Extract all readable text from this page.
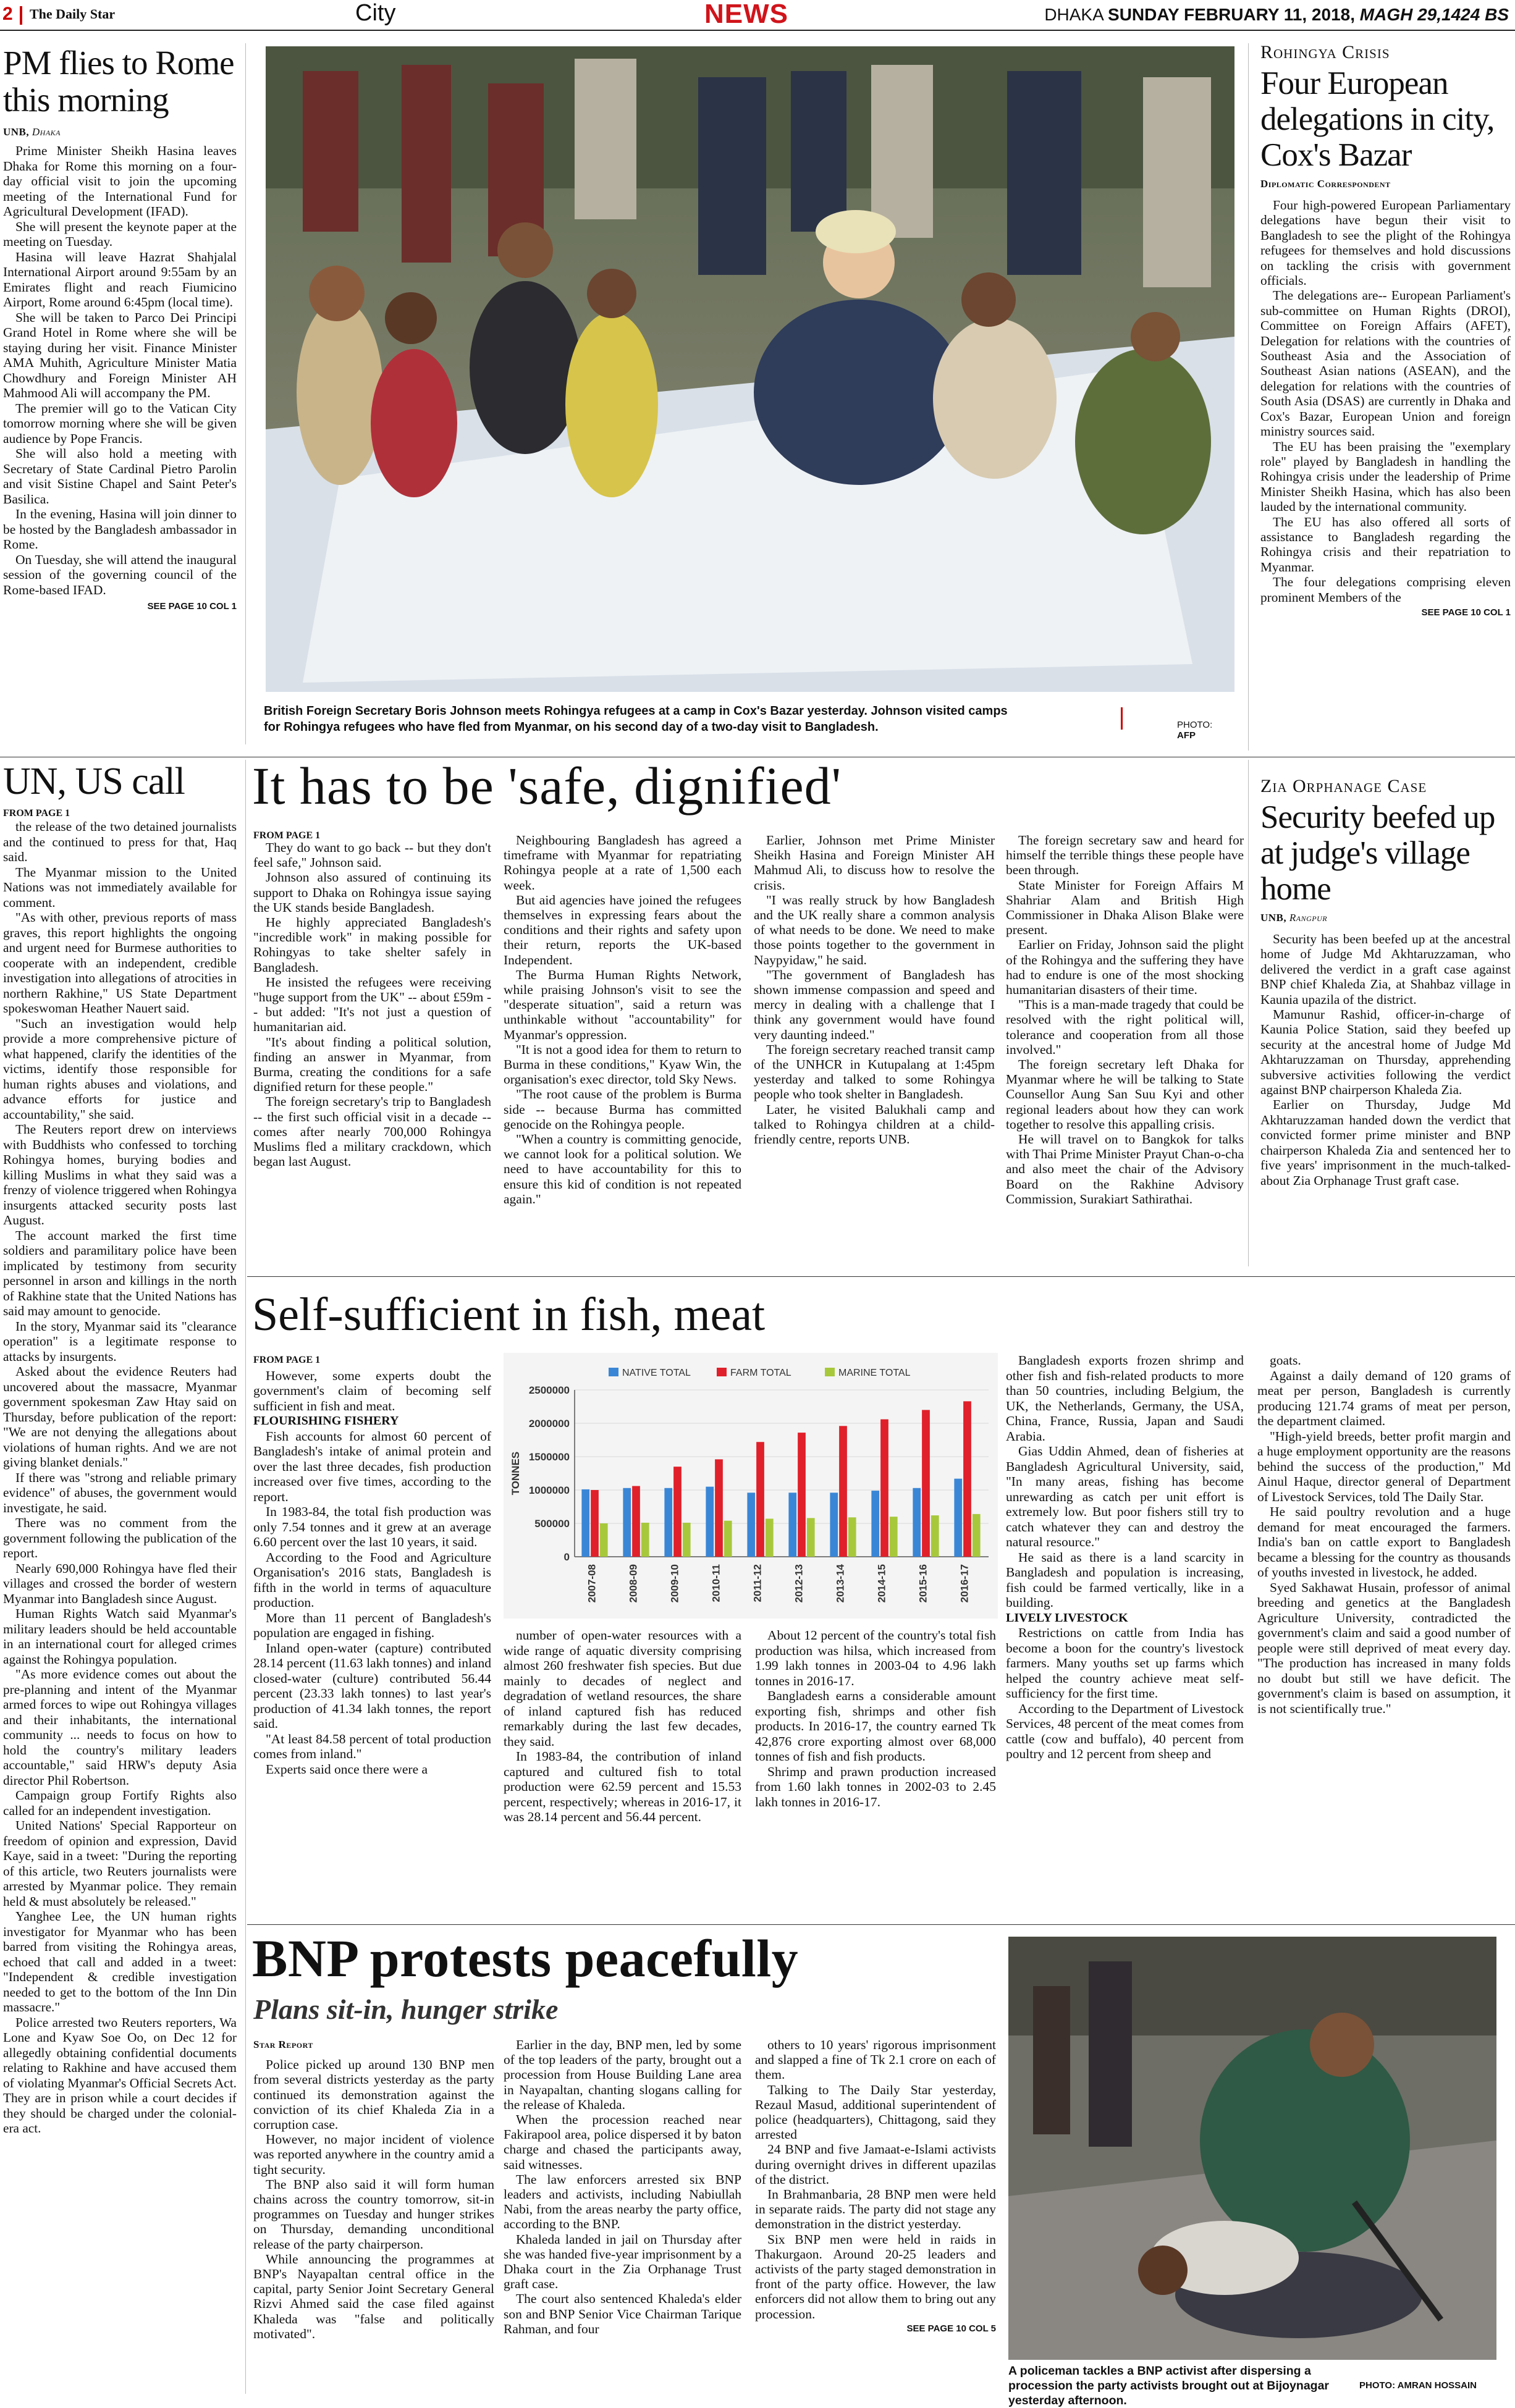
2 The Daily Star	City	NEWS	DHAKA SUNDAY FEBRUARY 11, 2018, MAGH 29,1424 BS
PM flies to Rome this morning
UNB, Dhaka

Prime Minister Sheikh Hasina leaves Dhaka for Rome this morning on a four-day official visit to join the upcoming meeting of the International Fund for Agricultural Development (IFAD).

She will present the keynote paper at the meeting on Tuesday.

Hasina will leave Hazrat Shahjalal International Airport around 9:55am by an Emirates flight and reach Fiumicino Airport, Rome around 6:45pm (local time).

She will be taken to Parco Dei Principi Grand Hotel in Rome where she will be staying during her visit. Finance Minister AMA Muhith, Agriculture Minister Matia Chowdhury and Foreign Minister AH Mahmood Ali will accompany the PM.

The premier will go to the Vatican City tomorrow morning where she will be given audience by Pope Francis.

She will also hold a meeting with Secretary of State Cardinal Pietro Parolin and visit Sistine Chapel and Saint Peter's Basilica.

In the evening, Hasina will join dinner to be hosted by the Bangladesh ambassador in Rome.

On Tuesday, she will attend the inaugural session of the governing council of the Rome-based IFAD.

SEE PAGE 10 COL 1
British Foreign Secretary Boris Johnson meets Rohingya refugees at a camp in Cox's Bazar yesterday. Johnson visited camps for Rohingya refugees who have fled from Myanmar, on his second day of a two-day visit to Bangladesh.	PHOTO:
AFP
Rohingya Crisis
Four European delegations in city, Cox's Bazar
Diplomatic Correspondent

Four high-powered European Parliamentary delegations have begun their visit to Bangladesh to see the plight of the Rohingya refugees for themselves and hold discussions on tackling the crisis with government officials.

The delegations are-- European Parliament's sub-committee on Human Rights (DROI), Committee on Foreign Affairs (AFET), Delegation for relations with the countries of Southeast Asia and the Association of Southeast Asian nations (ASEAN), and the delegation for relations with the countries of South Asia (DSAS) are currently in Dhaka and Cox's Bazar, European Union and foreign ministry sources said.

The EU has been praising the "exemplary role" played by Bangladesh in handling the Rohingya crisis under the leadership of Prime Minister Sheikh Hasina, which has also been lauded by the international community.

The EU has also offered all sorts of assistance to Bangladesh regarding the Rohingya crisis and their repatriation to Myanmar.

The four delegations comprising eleven prominent Members of the

SEE PAGE 10 COL 1
UN, US call
FROM PAGE 1

the release of the two detained journalists and the continued to press for that, Haq said.

The Myanmar mission to the United Nations was not immediately available for comment.

"As with other, previous reports of mass graves, this report highlights the ongoing and urgent need for Burmese authorities to cooperate with an independent, credible investigation into allegations of atrocities in northern Rakhine," US State Department spokeswoman Heather Nauert said.

"Such an investigation would help provide a more comprehensive picture of what happened, clarify the identities of the victims, identify those responsible for human rights abuses and violations, and advance efforts for justice and accountability," she said.

The Reuters report drew on interviews with Buddhists who confessed to torching Rohingya homes, burying bodies and killing Muslims in what they said was a frenzy of violence triggered when Rohingya insurgents attacked security posts last August.

The account marked the first time soldiers and paramilitary police have been implicated by testimony from security personnel in arson and killings in the north of Rakhine state that the United Nations has said may amount to genocide.

In the story, Myanmar said its "clearance operation" is a legitimate response to attacks by insurgents.

Asked about the evidence Reuters had uncovered about the massacre, Myanmar government spokesman Zaw Htay said on Thursday, before publication of the report: "We are not denying the allegations about violations of human rights. And we are not giving blanket denials."

If there was "strong and reliable primary evidence" of abuses, the government would investigate, he said.

There was no comment from the government following the publication of the report.

Nearly 690,000 Rohingya have fled their villages and crossed the border of western Myanmar into Bangladesh since August.

Human Rights Watch said Myanmar's military leaders should be held accountable in an international court for alleged crimes against the Rohingya population.

"As more evidence comes out about the pre-planning and intent of the Myanmar armed forces to wipe out Rohingya villages and their inhabitants, the international community ... needs to focus on how to hold the country's military leaders accountable," said HRW's deputy Asia director Phil Robertson.

Campaign group Fortify Rights also called for an independent investigation.

United Nations' Special Rapporteur on freedom of opinion and expression, David Kaye, said in a tweet: "During the reporting of this article, two Reuters journalists were arrested by Myanmar police. They remain held & must absolutely be released."

Yanghee Lee, the UN human rights investigator for Myanmar who has been barred from visiting the Rohingya areas, echoed that call and added in a tweet: "Independent & credible investigation needed to get to the bottom of the Inn Din massacre."

Police arrested two Reuters reporters, Wa Lone and Kyaw Soe Oo, on Dec 12 for allegedly obtaining confidential documents relating to Rakhine and have accused them of violating Myanmar's Official Secrets Act. They are in prison while a court decides if they should be charged under the colonial-era act.

It has to be 'safe, dignified'
FROM PAGE 1

They do want to go back -- but they don't feel safe," Johnson said.

Johnson also assured of continuing its support to Dhaka on Rohingya issue saying the UK stands beside Bangladesh.

He highly appreciated Bangladesh's "incredible work" in making possible for Rohingyas to take shelter safely in Bangladesh.

He insisted the refugees were receiving "huge support from the UK" -- about £59m -- but added: "It's not just a question of humanitarian aid.

"It's about finding a political solution, finding an answer in Myanmar, from Burma, creating the conditions for a safe dignified return for these people."

The foreign secretary's trip to Bangladesh -- the first such official visit in a decade -- comes after nearly 700,000 Rohingya Muslims fled a military crackdown, which began last August.

Neighbouring Bangladesh has agreed a timeframe with Myanmar for repatriating Rohingya people at a rate of 1,500 each week.

But aid agencies have joined the refugees themselves in expressing fears about the conditions and their rights and safety upon their return, reports the UK-based Independent.

The Burma Human Rights Network, while praising Johnson's visit to see the "desperate situation", said a return was unthinkable without "accountability" for Myanmar's oppression.

"It is not a good idea for them to return to Burma in these conditions," Kyaw Win, the organisation's exec director, told Sky News.

"The root cause of the problem is Burma side -- because Burma has committed genocide on the Rohingya people.

"When a country is committing genocide, we cannot look for a political solution. We need to have accountability for this to ensure this kid of condition is not repeated again."

Earlier, Johnson met Prime Minister Sheikh Hasina and Foreign Minister AH Mahmud Ali, to discuss how to resolve the crisis.

"I was really struck by how Bangladesh and the UK really share a common analysis of what needs to be done. We need to make those points together to the government in Naypyidaw," he said.

"The government of Bangladesh has shown immense compassion and speed and mercy in dealing with a challenge that I think any government would have found very daunting indeed."

The foreign secretary reached transit camp of the UNHCR in Kutupalang at 1:45pm yesterday and talked to some Rohingya people who took shelter in Bangladesh.

Later, he visited Balukhali camp and talked to Rohingya children at a child-friendly centre, reports UNB.

The foreign secretary saw and heard for himself the terrible things these people have been through.

State Minister for Foreign Affairs M Shahriar Alam and British High Commissioner in Dhaka Alison Blake were present.

Earlier on Friday, Johnson said the plight of the Rohingya and the suffering they have had to endure is one of the most shocking humanitarian disasters of their time.

"This is a man-made tragedy that could be resolved with the right political will, tolerance and cooperation from all those involved."

The foreign secretary left Dhaka for Myanmar where he will be talking to State Counsellor Aung San Suu Kyi and other regional leaders about how they can work together to resolve this appalling crisis.

He will travel on to Bangkok for talks with Thai Prime Minister Prayut Chan-o-cha and also meet the chair of the Advisory Board on the Rakhine Advisory Commission, Surakiart Sathirathai.

Zia Orphanage Case
Security beefed up at judge's village home
UNB, Rangpur

Security has been beefed up at the ancestral home of Judge Md Akhtaruzzaman, who delivered the verdict in a graft case against BNP chief Khaleda Zia, at Shahbaz village in Kaunia upazila of the district.

Mamunur Rashid, officer-in-charge of Kaunia Police Station, said they beefed up security at the ancestral home of Judge Md Akhtaruzzaman on Thursday, apprehending subversive activities following the verdict against BNP chairperson Khaleda Zia.

Earlier on Thursday, Judge Md Akhtaruzzaman handed down the verdict that convicted former prime minister and BNP chairperson Khaleda Zia and sentenced her to five years' imprisonment in the much-talked-about Zia Orphanage Trust graft case.

Self-sufficient in fish, meat
FROM PAGE 1

However, some experts doubt the government's claim of becoming self sufficient in fish and meat.

FLOURISHING FISHERY

Fish accounts for almost 60 percent of Bangladesh's intake of animal protein and over the last three decades, fish production increased over five times, according to the report.

In 1983-84, the total fish production was only 7.54 tonnes and it grew at an average 6.60 percent over the last 10 years, it said.

According to the Food and Agriculture Organisation's 2016 stats, Bangladesh is fifth in the world in terms of aquaculture production.

More than 11 percent of Bangladesh's population are engaged in fishing.

Inland open-water (capture) contributed 28.14 percent (11.63 lakh tonnes) and inland closed-water (culture) contributed 56.44 percent (23.33 lakh tonnes) to last year's production of 41.34 lakh tonnes, the report said.

"At least 84.58 percent of total production comes from inland."

Experts said once there were a

0
500000
1000000
1500000
2000000
2500000
TONNES
2007-08	2008-09	2009-10	2010-11	2011-12	2012-13	2013-14	2014-15	2015-16	2016-17
NATIVE TOTAL	FARM TOTAL	MARINE TOTAL

number of open-water resources with a wide range of aquatic diversity comprising almost 260 freshwater fish species. But due mainly to decades of neglect and degradation of wetland resources, the share of inland captured fish has reduced remarkably during the last few decades, they said.

In 1983-84, the contribution of inland captured and cultured fish to total production were 62.59 percent and 15.53 percent, respectively; whereas in 2016-17, it was 28.14 percent and 56.44 percent.

About 12 percent of the country's total fish production was hilsa, which increased from 1.99 lakh tonnes in 2003-04 to 4.96 lakh tonnes in 2016-17.

Bangladesh earns a considerable amount exporting fish, shrimps and other fish products. In 2016-17, the country earned Tk 42,876 crore exporting almost over 68,000 tonnes of fish and fish products.

Shrimp and prawn production increased from 1.60 lakh tonnes in 2002-03 to 2.45 lakh tonnes in 2016-17.

Bangladesh exports frozen shrimp and other fish and fish-related products to more than 50 countries, including Belgium, the UK, the Netherlands, Germany, the USA, China, France, Russia, Japan and Saudi Arabia.

Gias Uddin Ahmed, dean of fisheries at Bangladesh Agricultural University, said, "In many areas, fishing has become unrewarding as catch per unit effort is extremely low. But poor fishers still try to catch whatever they can and destroy the natural resource."

He said as there is a land scarcity in Bangladesh and population is increasing, fish could be farmed vertically, like in a building.

LIVELY LIVESTOCK

Restrictions on cattle from India has become a boon for the country's livestock farmers. Many youths set up farms which helped the country achieve meat self-sufficiency for the first time.

According to the Department of Livestock Services, 48 percent of the meat comes from cattle (cow and buffalo), 40 percent from poultry and 12 percent from sheep and

goats.

Against a daily demand of 120 grams of meat per person, Bangladesh is currently producing 121.74 grams of meat per person, the department claimed.

"High-yield breeds, better profit margin and a huge employment opportunity are the reasons behind the success of the production," Md Ainul Haque, director general of Department of Livestock Services, told The Daily Star.

He said poultry revolution and a huge demand for meat encouraged the farmers. India's ban on cattle export to Bangladesh became a blessing for the country as thousands of youths invested in livestock, he added.

Syed Sakhawat Husain, professor of animal breeding and genetics at the Bangladesh Agriculture University, contradicted the government's claim and said a good number of people were still deprived of meat every day. "The production has increased in many folds no doubt but still we have deficit. The government's claim is based on assumption, it is not scientifically true."

BNP protests peacefully
Plans sit-in, hunger strike
Star Report

Police picked up around 130 BNP men from several districts yesterday as the party continued its demonstration against the conviction of its chief Khaleda Zia in a corruption case.

However, no major incident of violence was reported anywhere in the country amid a tight security.

The BNP also said it will form human chains across the country tomorrow, sit-in programmes on Tuesday and hunger strikes on Thursday, demanding unconditional release of the party chairperson.

While announcing the programmes at BNP's Nayapaltan central office in the capital, party Senior Joint Secretary General Rizvi Ahmed said the case filed against Khaleda was "false and politically motivated".

Earlier in the day, BNP men, led by some of the top leaders of the party, brought out a procession from House Building Lane area in Nayapaltan, chanting slogans calling for the release of Khaleda.

When the procession reached near Fakirapool area, police dispersed it by baton charge and chased the participants away, said witnesses.

The law enforcers arrested six BNP leaders and activists, including Nabiullah Nabi, from the areas nearby the party office, according to the BNP.

Khaleda landed in jail on Thursday after she was handed five-year imprisonment by a Dhaka court in the Zia Orphanage Trust graft case.

The court also sentenced Khaleda's elder son and BNP Senior Vice Chairman Tarique Rahman, and four

others to 10 years' rigorous imprisonment and slapped a fine of Tk 2.1 crore on each of them.

Talking to The Daily Star yesterday, Rezaul Masud, additional superintendent of police (headquarters), Chittagong, said they arrested

24 BNP and five Jamaat-e-Islami activists during overnight drives in different upazilas of the district.

In Brahmanbaria, 28 BNP men were held in separate raids. The party did not stage any demonstration in the district yesterday.

Six BNP men were held in raids in Thakurgaon. Around 20-25 leaders and activists of the party staged demonstration in front of the party office. However, the law enforcers did not allow them to bring out any procession.

SEE PAGE 10 COL 5
A policeman tackles a BNP activist after dispersing a procession the party activists brought out at Bijoynagar yesterday afternoon.
PHOTO: AMRAN HOSSAIN
